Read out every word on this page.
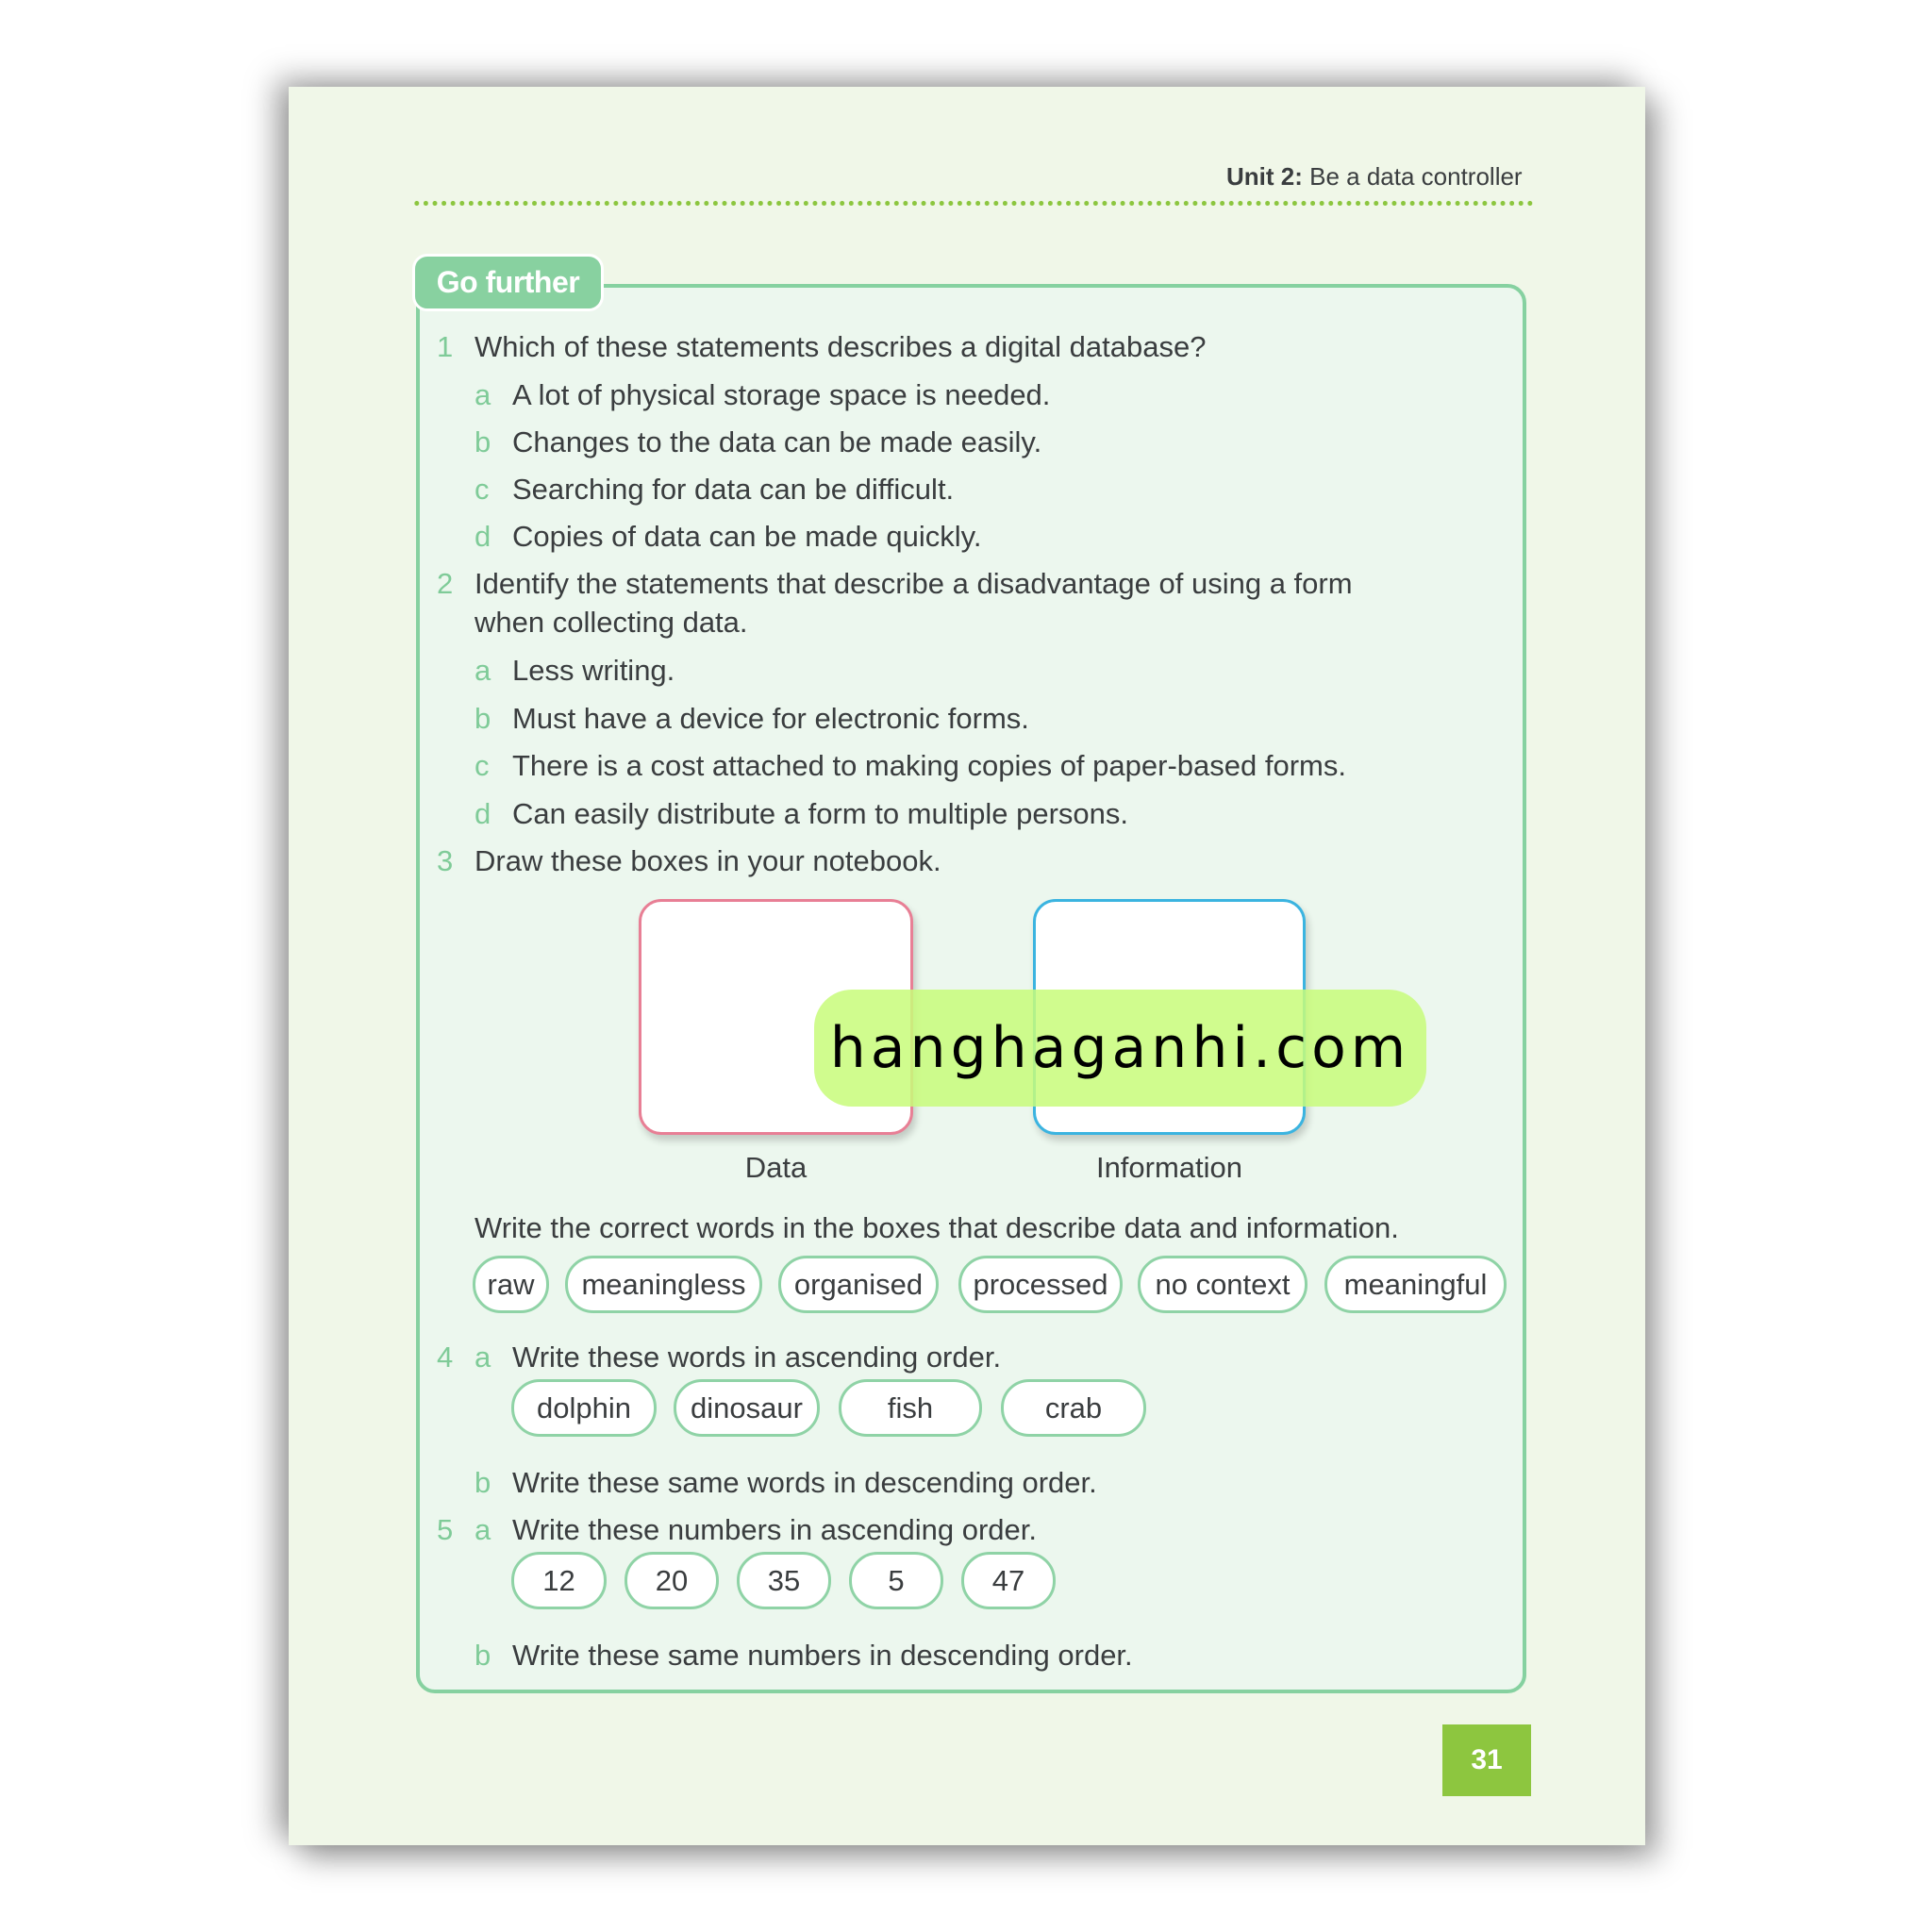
Unit 2: Be a data controller
Go further
1 Which of these statements describes a digital database?
a A lot of physical storage space is needed.
b Changes to the data can be made easily.
c Searching for data can be difficult.
d Copies of data can be made quickly.
2 Identify the statements that describe a disadvantage of using a form
when collecting data.
a Less writing.
b Must have a device for electronic forms.
c There is a cost attached to making copies of paper-based forms.
d Can easily distribute a form to multiple persons.
3 Draw these boxes in your notebook.
Data	Information
Write the correct words in the boxes that describe data and information.
raw	meaningless	organised	processed	no context	meaningful
4 a Write these words in ascending order.
dolphin	dinosaur	fish	crab
b Write these same words in descending order.
5 a Write these numbers in ascending order.
12	20	35	5	47
b Write these same numbers in descending order.
hanghaganhi.com
31
